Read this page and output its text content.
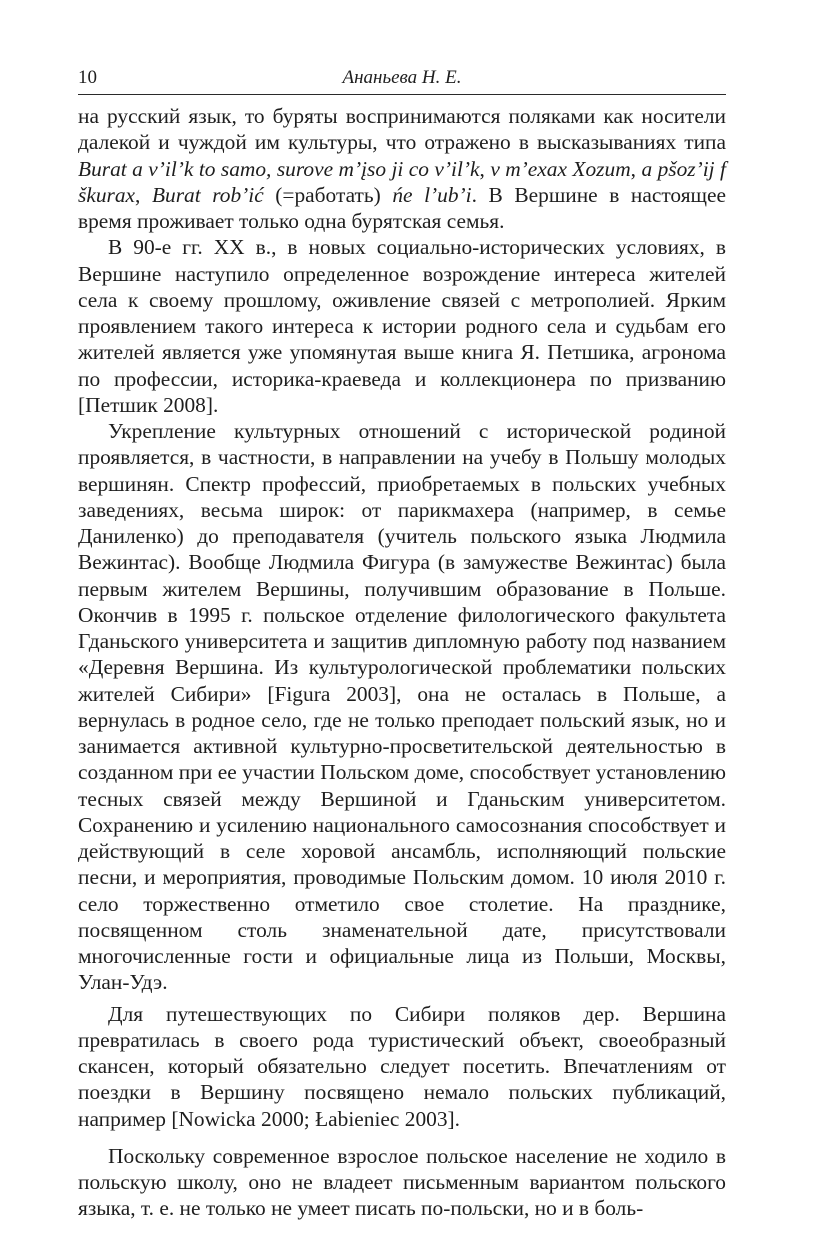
10	Ананьева Н. Е.

на русский язык, то буряты воспринимаются поляками как носители далекой и чуждой им культуры, что отражено в высказываниях типа Burat a v’il’k to samo, surove m’įso ji co v’il’k, v m’exax Xozит, a pšoz’ij f škurax, Burat rob’ić (=работать) ńe l’ub’i. В Вершине в настоящее время проживает только одна бурятская семья.

В 90-е гг. XX в., в новых социально-исторических условиях, в Вершине наступило определенное возрождение интереса жителей села к своему прошлому, оживление связей с метрополией. Ярким проявлением такого интереса к истории родного села и судьбам его жителей является уже упомянутая выше книга Я. Петшика, агронома по профессии, историка-краеведа и коллекционера по призванию [Петшик 2008].

Укрепление культурных отношений с исторической родиной проявляется, в частности, в направлении на учебу в Польшу молодых вершинян. Спектр профессий, приобретаемых в польских учебных заведениях, весьма широк: от парикмахера (например, в семье Даниленко) до преподавателя (учитель польского языка Людмила Вежинтас). Вообще Людмила Фигура (в замужестве Вежинтас) была первым жителем Вершины, получившим образование в Польше. Окончив в 1995 г. польское отделение филологического факультета Гданьского университета и защитив дипломную работу под названием «Деревня Вершина. Из культурологической проблематики польских жителей Сибири» [Figura 2003], она не осталась в Польше, а вернулась в родное село, где не только преподает польский язык, но и занимается активной культурно-просветительской деятельностью в созданном при ее участии Польском доме, способствует установлению тесных связей между Вершиной и Гданьским университетом. Сохранению и усилению национального самосознания способствует и действующий в селе хоровой ансамбль, исполняющий польские песни, и мероприятия, проводимые Польским домом. 10 июля 2010 г. село торжественно отметило свое столетие. На празднике, посвященном столь знаменательной дате, присутствовали многочисленные гости и официальные лица из Польши, Москвы, Улан-Удэ.

Для путешествующих по Сибири поляков дер. Вершина превратилась в своего рода туристический объект, своеобразный скансен, который обязательно следует посетить. Впечатлениям от поездки в Вершину посвящено немало польских публикаций, например [Nowicka 2000; Łabieniec 2003].

Поскольку современное взрослое польское население не ходило в польскую школу, оно не владеет письменным вариантом польского языка, т. е. не только не умеет писать по-польски, но и в боль-
